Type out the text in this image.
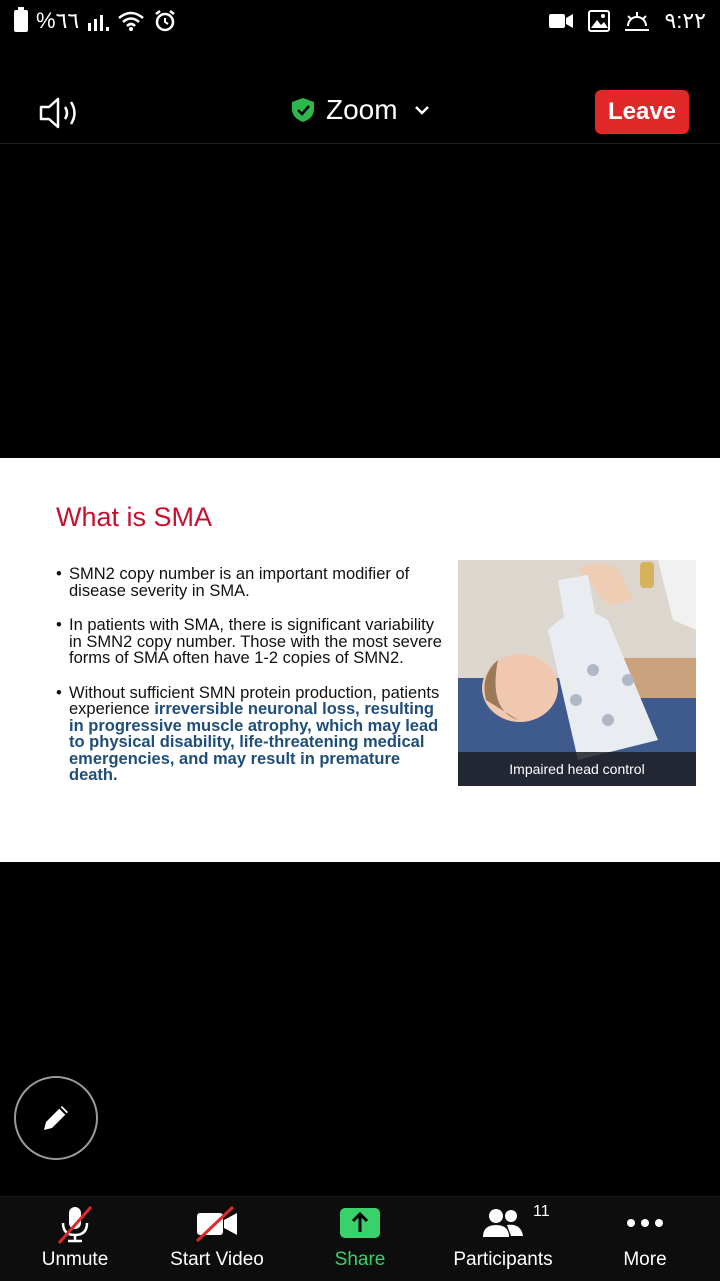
%٦٦	٩:٢٢
Zoom	Leave
What is SMA
• SMN2 copy number is an important modifier of disease severity in SMA.
• In patients with SMA, there is significant variability in SMN2 copy number. Those with the most severe forms of SMA often have 1-2 copies of SMN2.
• Without sufficient SMN protein production, patients experience irreversible neuronal loss, resulting in progressive muscle atrophy, which may lead to physical disability, life-threatening medical emergencies, and may result in premature death.	Impaired head control
Unmute	Start Video	Share
11
Participants	More
